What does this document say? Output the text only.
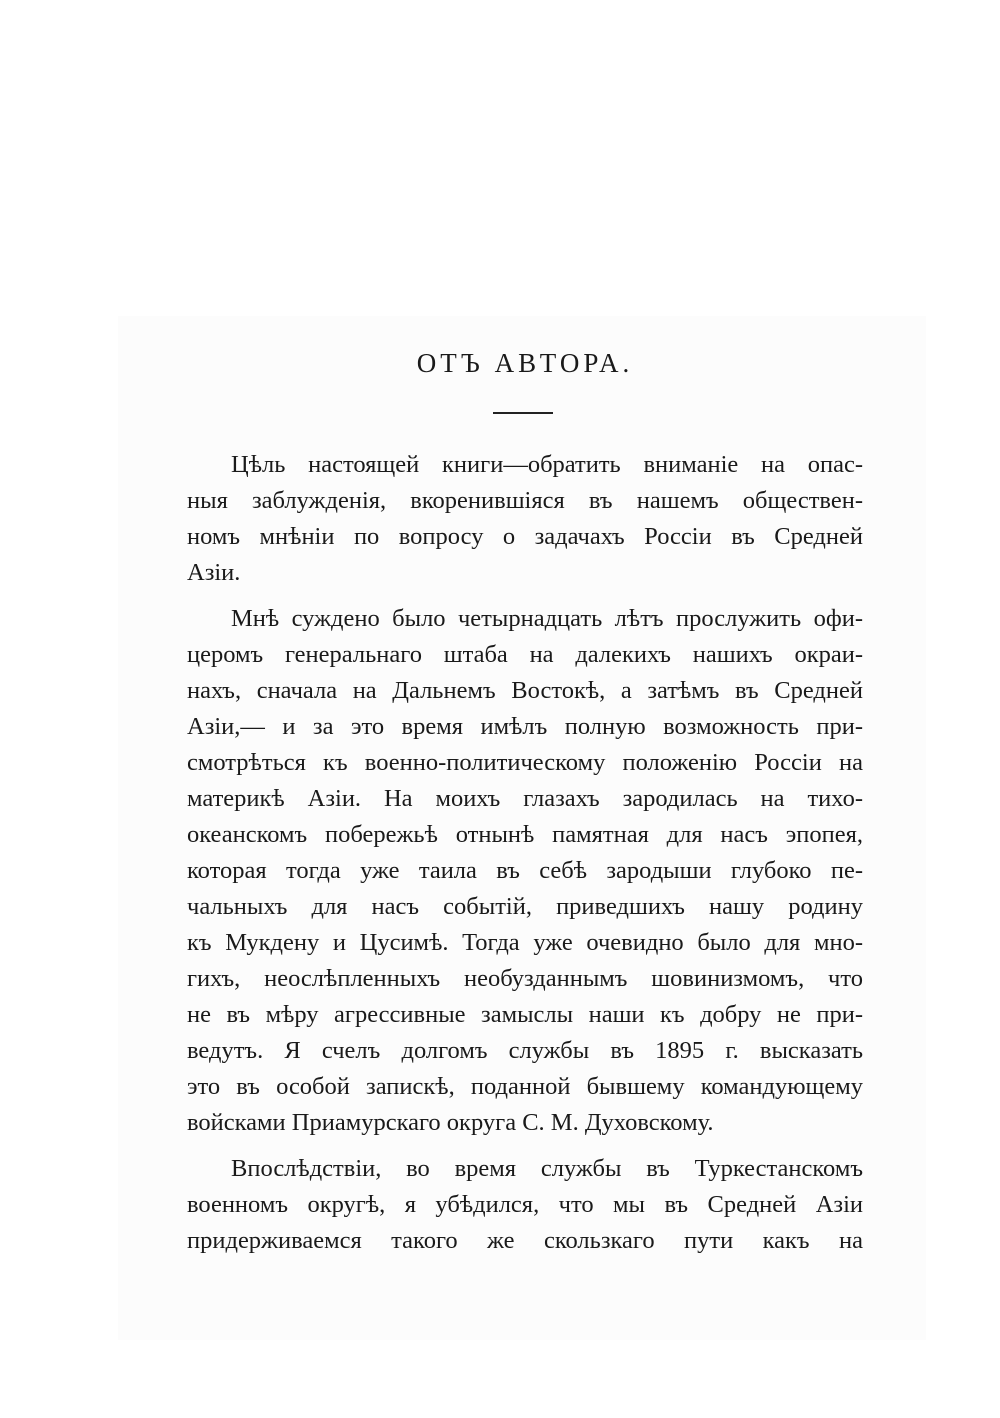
ОТЪ АВТОРА.
Цѣль настоящей книги—обратить вниманіе на опас-
ныя заблужденія, вкоренившіяся въ нашемъ обществен-
номъ мнѣніи по вопросу о задачахъ Россіи въ Средней
Азіи.
Мнѣ суждено было четырнадцать лѣтъ прослужить офи-
церомъ генеральнаго штаба на далекихъ нашихъ окраи-
нахъ, сначала на Дальнемъ Востокѣ, а затѣмъ въ Средней
Азіи,— и за это время имѣлъ полную возможность при-
смотрѣться къ военно-политическому положенію Россіи на
материкѣ Азіи. На моихъ глазахъ зародилась на тихо-
океанскомъ побережьѣ отнынѣ памятная для насъ эпопея,
которая тогда уже таила въ себѣ зародыши глубоко пе-
чальныхъ для насъ событій, приведшихъ нашу родину
къ Мукдену и Цусимѣ. Тогда уже очевидно было для мно-
гихъ, неослѣпленныхъ необузданнымъ шовинизмомъ, что
не въ мѣру агрессивные замыслы наши къ добру не при-
ведутъ. Я счелъ долгомъ службы въ 1895 г. высказать
это въ особой запискѣ, поданной бывшему командующему
войсками Приамурскаго округа С. М. Духовскому.
Впослѣдствіи, во время службы въ Туркестанскомъ
военномъ округѣ, я убѣдился, что мы въ Средней Азіи
придерживаемся такого же скользкаго пути какъ на
